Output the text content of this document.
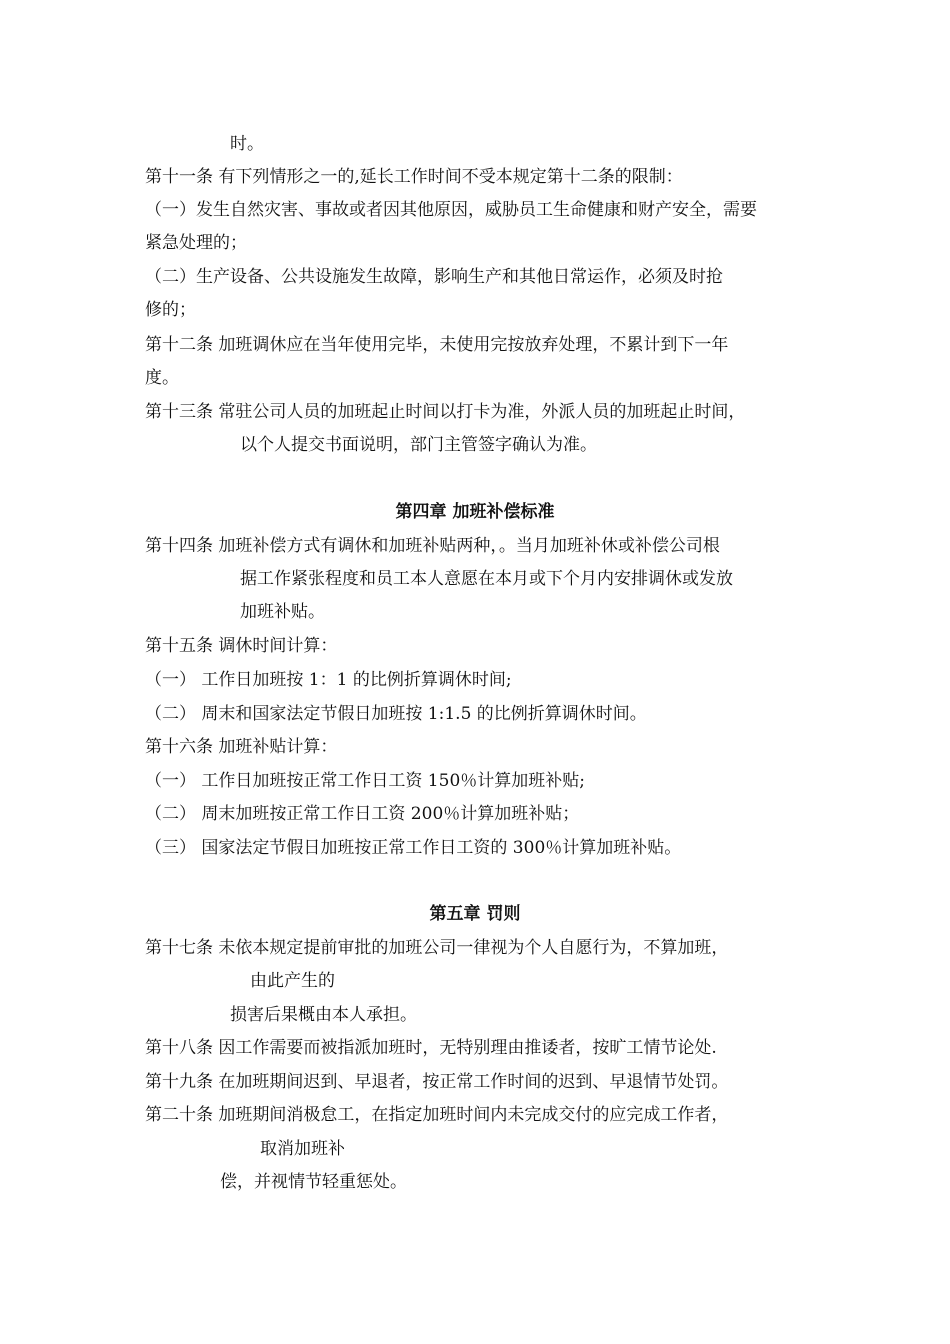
时。
第十一条 有下列情形之一的,延长工作时间不受本规定第十二条的限制：
（一）发生自然灾害、事故或者因其他原因，威胁员工生命健康和财产安全，需要
紧急处理的；
（二）生产设备、公共设施发生故障，影响生产和其他日常运作，必须及时抢
修的；
第十二条 加班调休应在当年使用完毕，未使用完按放弃处理，不累计到下一年
度。
第十三条 常驻公司人员的加班起止时间以打卡为准，外派人员的加班起止时间，
以个人提交书面说明，部门主管签字确认为准。
第四章 加班补偿标准
第十四条 加班补偿方式有调休和加班补贴两种，。当月加班补休或补偿公司根
据工作紧张程度和员工本人意愿在本月或下个月内安排调休或发放
加班补贴。
第十五条 调休时间计算：
（一） 工作日加班按 1：1 的比例折算调休时间;
（二） 周末和国家法定节假日加班按 1:1.5 的比例折算调休时间。
第十六条 加班补贴计算：
（一） 工作日加班按正常工作日工资 150％计算加班补贴;
（二） 周末加班按正常工作日工资 200％计算加班补贴；
（三） 国家法定节假日加班按正常工作日工资的 300％计算加班补贴。
第五章 罚则
第十七条 未依本规定提前审批的加班公司一律视为个人自愿行为，不算加班，
由此产生的
损害后果概由本人承担。
第十八条 因工作需要而被指派加班时，无特别理由推诿者，按旷工情节论处.
第十九条 在加班期间迟到、早退者，按正常工作时间的迟到、早退情节处罚。
第二十条 加班期间消极怠工，在指定加班时间内未完成交付的应完成工作者，
取消加班补
偿，并视情节轻重惩处。
